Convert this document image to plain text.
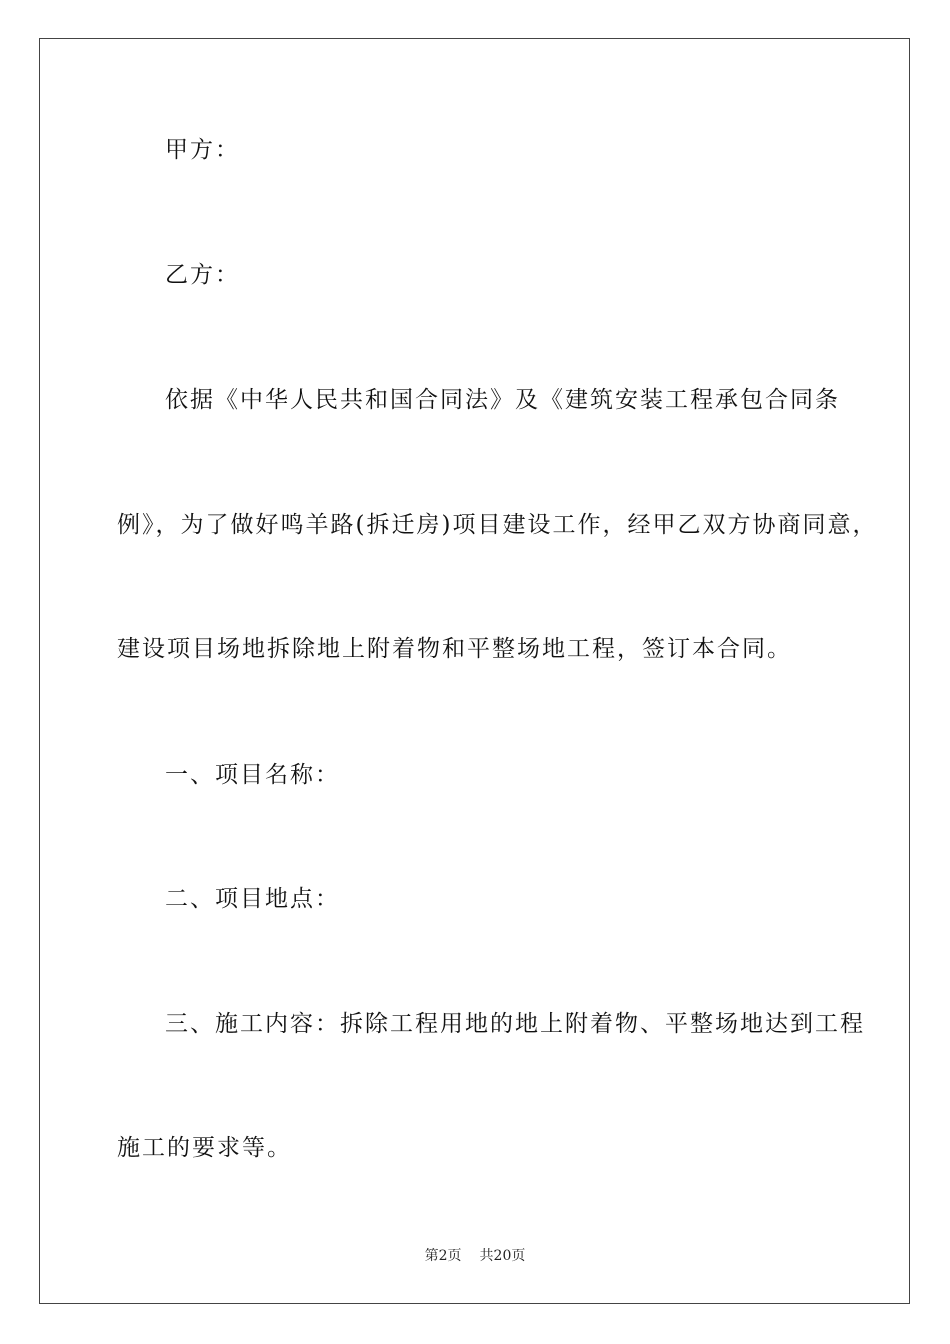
甲方：
乙方：
依据《中华人民共和国合同法》及《建筑安装工程承包合同条
例》，为了做好鸣羊路(拆迁房)项目建设工作，经甲乙双方协商同意，
建设项目场地拆除地上附着物和平整场地工程，签订本合同。
一、项目名称：
二、项目地点：
三、施工内容：拆除工程用地的地上附着物、平整场地达到工程
施工的要求等。
第2页 共20页
